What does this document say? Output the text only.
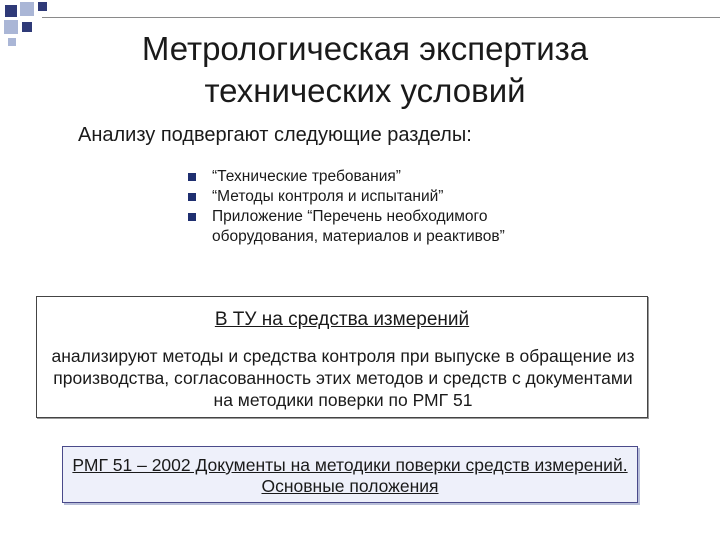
Метрологическая экспертиза технических условий
Анализу подвергают следующие разделы:
“Технические требования”
“Методы контроля и испытаний”
Приложение “Перечень необходимого оборудования, материалов и реактивов”
В ТУ на средства измерений
анализируют методы и средства контроля при выпуске в обращение из производства, согласованность этих методов и средств с документами на методики поверки по РМГ 51
РМГ 51 – 2002 Документы на методики поверки средств измерений. Основные положения
